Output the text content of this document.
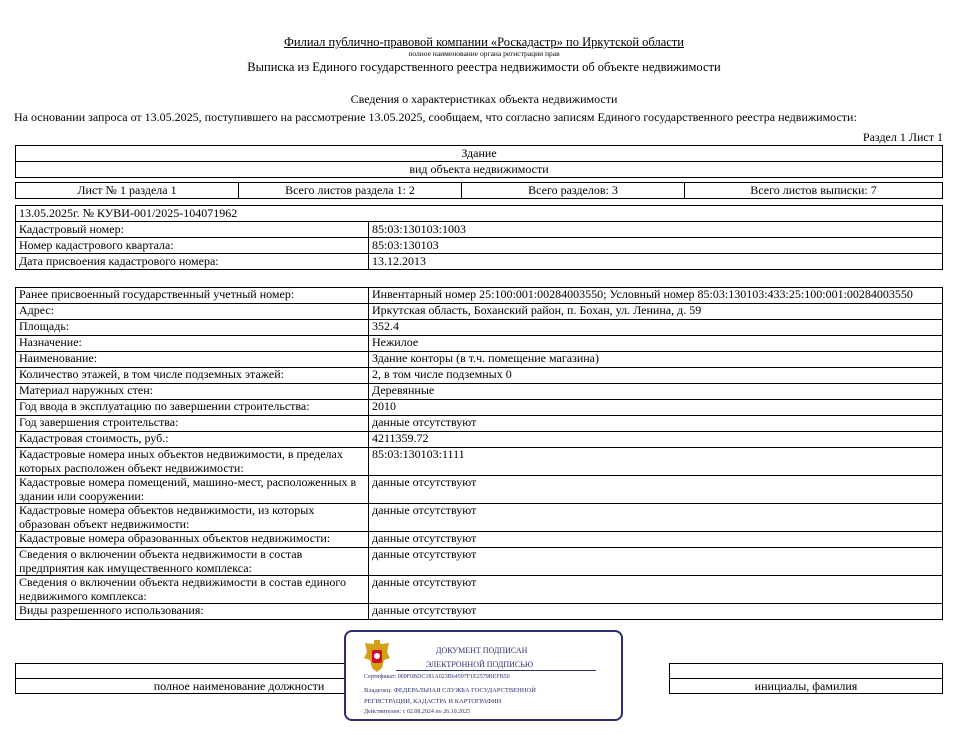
Филиал публично-правовой компании «Роскадастр» по Иркутской области
полное наименование органа регистрации прав
Выписка из Единого государственного реестра недвижимости об объекте недвижимости
Сведения о характеристиках объекта недвижимости
На основании запроса от 13.05.2025, поступившего на рассмотрение 13.05.2025, сообщаем, что согласно записям Единого государственного реестра недвижимости:
Раздел 1 Лист 1
Здание
вид объекта недвижимости
Лист № 1 раздела 1	Всего листов раздела 1: 2	Всего разделов: 3	Всего листов выписки: 7
13.05.2025г. № КУВИ-001/2025-104071962	
Кадастровый номер:	85:03:130103:1003
Номер кадастрового квартала:	85:03:130103
Дата присвоения кадастрового номера:	13.12.2013
Ранее присвоенный государственный учетный номер:	Инвентарный номер 25:100:001:00284003550; Условный номер 85:03:130103:433:25:100:001:00284003550
Адрес:	Иркутская область, Боханский район, п. Бохан, ул. Ленина, д. 59
Площадь:	352.4
Назначение:	Нежилое
Наименование:	Здание конторы (в т.ч. помещение магазина)
Количество этажей, в том числе подземных этажей:	2, в том числе подземных 0
Материал наружных стен:	Деревянные
Год ввода в эксплуатацию по завершении строительства:	2010
Год завершения строительства:	данные отсутствуют
Кадастровая стоимость, руб.:	4211359.72
Кадастровые номера иных объектов недвижимости, в пределах которых расположен объект недвижимости:	85:03:130103:1111
Кадастровые номера помещений, машино-мест, расположенных в здании или сооружении:	данные отсутствуют
Кадастровые номера объектов недвижимости, из которых образован объект недвижимости:	данные отсутствуют
Кадастровые номера образованных объектов недвижимости:	данные отсутствуют
Сведения о включении объекта недвижимости в состав предприятия как имущественного комплекса:	данные отсутствуют
Сведения о включении объекта недвижимости в состав единого недвижимого комплекса:	данные отсутствуют
Виды разрешенного использования:	данные отсутствуют

полное наименование должности		инициалы, фамилия
ДОКУМЕНТ ПОДПИСАН
ЭЛЕКТРОННОЙ ПОДПИСЬЮ
Сертификат: 009F0BDC181A023B64597F1E2579BEFB50
Владелец: ФЕДЕРАЛЬНАЯ СЛУЖБА ГОСУДАРСТВЕННОЙ
РЕГИСТРАЦИИ, КАДАСТРА И КАРТОГРАФИИ
Действителен: с 02.08.2024 по 26.10.2025
